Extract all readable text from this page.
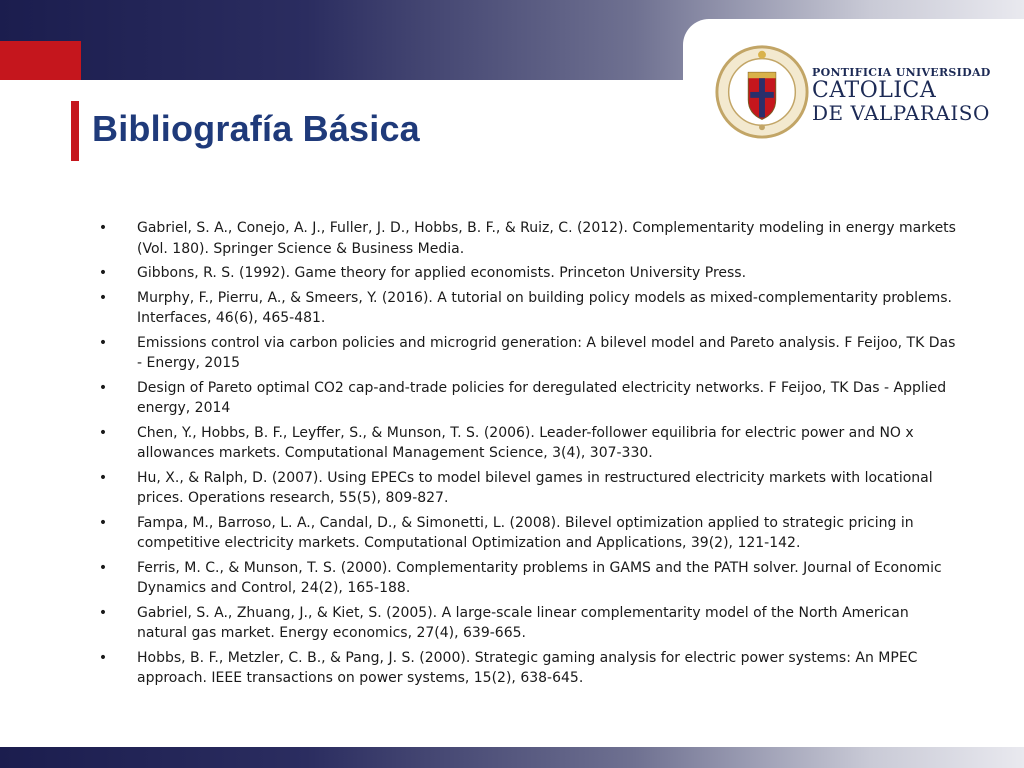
PONTIFICIA UNIVERSIDAD
CATOLICA
DE VALPARAISO
Bibliografía Básica
• Gabriel, S. A., Conejo, A. J., Fuller, J. D., Hobbs, B. F., & Ruiz, C. (2012). Complementarity modeling in energy markets (Vol. 180). Springer Science & Business Media.
• Gibbons, R. S. (1992). Game theory for applied economists. Princeton University Press.
• Murphy, F., Pierru, A., & Smeers, Y. (2016). A tutorial on building policy models as mixed-complementarity problems. Interfaces, 46(6), 465-481.
• Emissions control via carbon policies and microgrid generation: A bilevel model and Pareto analysis. F Feijoo, TK Das - Energy, 2015
• Design of Pareto optimal CO2 cap-and-trade policies for deregulated electricity networks. F Feijoo, TK Das - Applied energy, 2014
• Chen, Y., Hobbs, B. F., Leyffer, S., & Munson, T. S. (2006). Leader-follower equilibria for electric power and NO x allowances markets. Computational Management Science, 3(4), 307-330.
• Hu, X., & Ralph, D. (2007). Using EPECs to model bilevel games in restructured electricity markets with locational prices. Operations research, 55(5), 809-827.
• Fampa, M., Barroso, L. A., Candal, D., & Simonetti, L. (2008). Bilevel optimization applied to strategic pricing in competitive electricity markets. Computational Optimization and Applications, 39(2), 121-142.
• Ferris, M. C., & Munson, T. S. (2000). Complementarity problems in GAMS and the PATH solver. Journal of Economic Dynamics and Control, 24(2), 165-188.
• Gabriel, S. A., Zhuang, J., & Kiet, S. (2005). A large-scale linear complementarity model of the North American natural gas market. Energy economics, 27(4), 639-665.
• Hobbs, B. F., Metzler, C. B., & Pang, J. S. (2000). Strategic gaming analysis for electric power systems: An MPEC approach. IEEE transactions on power systems, 15(2), 638-645.
